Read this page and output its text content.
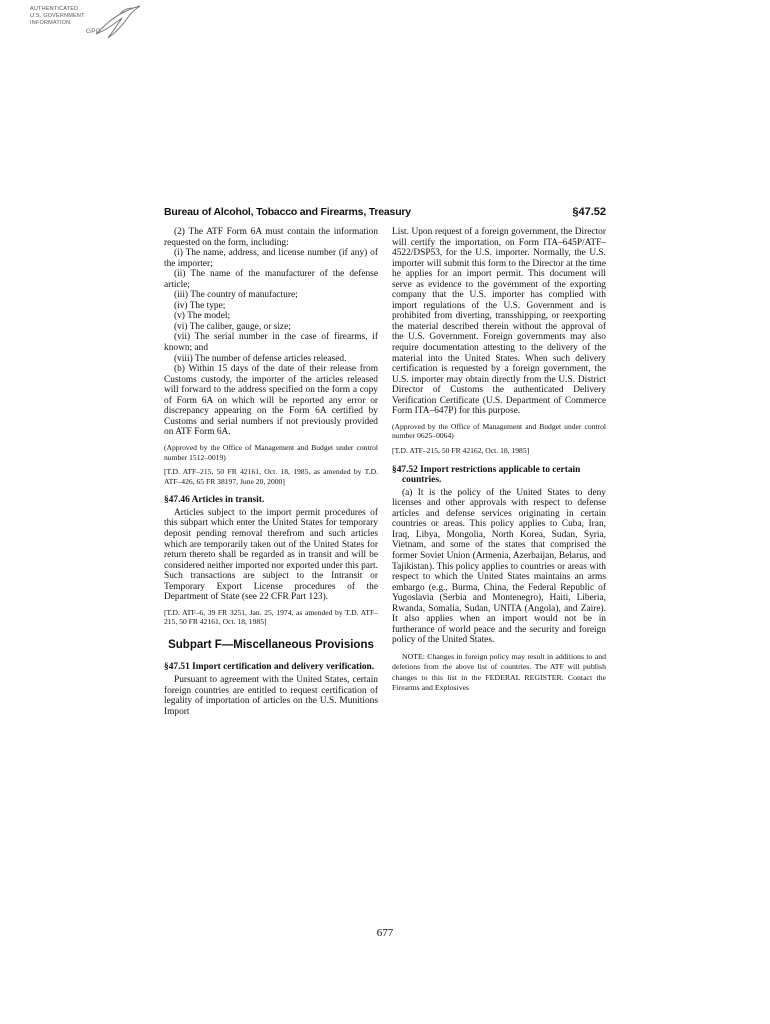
AUTHENTICATED
U.S. GOVERNMENT
INFORMATION
GPO
Bureau of Alcohol, Tobacco and Firearms, Treasury	§47.52

(2) The ATF Form 6A must contain the information requested on the form, including:

(i) The name, address, and license number (if any) of the importer;

(ii) The name of the manufacturer of the defense article;

(iii) The country of manufacture;

(iv) The type;

(v) The model;

(vi) The caliber, gauge, or size;

(vii) The serial number in the case of firearms, if known; and

(viii) The number of defense articles released.

(b) Within 15 days of the date of their release from Customs custody, the importer of the articles released will forward to the address specified on the form a copy of Form 6A on which will be reported any error or discrepancy appearing on the Form 6A certified by Customs and serial numbers if not previously provided on ATF Form 6A.

(Approved by the Office of Management and Budget under control number 1512–0019)

[T.D. ATF–215, 50 FR 42161, Oct. 18, 1985, as amended by T.D. ATF–426, 65 FR 38197, June 20, 2000]

§47.46 Articles in transit.

Articles subject to the import permit procedures of this subpart which enter the United States for temporary deposit pending removal therefrom and such articles which are temporarily taken out of the United States for return thereto shall be regarded as in transit and will be considered neither imported nor exported under this part. Such transactions are subject to the Intransit or Temporary Export License procedures of the Department of State (see 22 CFR Part 123).

[T.D. ATF–6, 39 FR 3251, Jan. 25, 1974, as amended by T.D. ATF–215, 50 FR 42161, Oct. 18, 1985]

Subpart F—Miscellaneous Provisions

§47.51 Import certification and delivery verification.

Pursuant to agreement with the United States, certain foreign countries are entitled to request certification of legality of importation of articles on the U.S. Munitions Import

List. Upon request of a foreign government, the Director will certify the importation, on Form ITA–645P/ATF–4522/DSP53, for the U.S. importer. Normally, the U.S. importer will submit this form to the Director at the time he applies for an import permit. This document will serve as evidence to the government of the exporting company that the U.S. importer has complied with import regulations of the U.S. Government and is prohibited from diverting, transshipping, or reexporting the material described therein without the approval of the U.S. Government. Foreign governments may also require documentation attesting to the delivery of the material into the United States. When such delivery certification is requested by a foreign government, the U.S. importer may obtain directly from the U.S. District Director of Customs the authenticated Delivery Verification Certificate (U.S. Department of Commerce Form ITA–647P) for this purpose.

(Approved by the Office of Management and Budget under control number 0625–0064)

[T.D. ATF–215, 50 FR 42162, Oct. 18, 1985]

§47.52 Import restrictions applicable to certain countries.

(a) It is the policy of the United States to deny licenses and other approvals with respect to defense articles and defense services originating in certain countries or areas. This policy applies to Cuba, Iran, Iraq, Libya, Mongolia, North Korea, Sudan, Syria, Vietnam, and some of the states that comprised the former Soviet Union (Armenia, Azerbaijan, Belarus, and Tajikistan). This policy applies to countries or areas with respect to which the United States maintains an arms embargo (e.g., Burma, China, the Federal Republic of Yugoslavia (Serbia and Montenegro), Haiti, Liberia, Rwanda, Somalia, Sudan, UNITA (Angola), and Zaire). It also applies when an import would not be in furtherance of world peace and the security and foreign policy of the United States.

NOTE: Changes in foreign policy may result in additions to and deletions from the above list of countries. The ATF will publish changes to this list in the FEDERAL REGISTER. Contact the Firearms and Explosives

677
